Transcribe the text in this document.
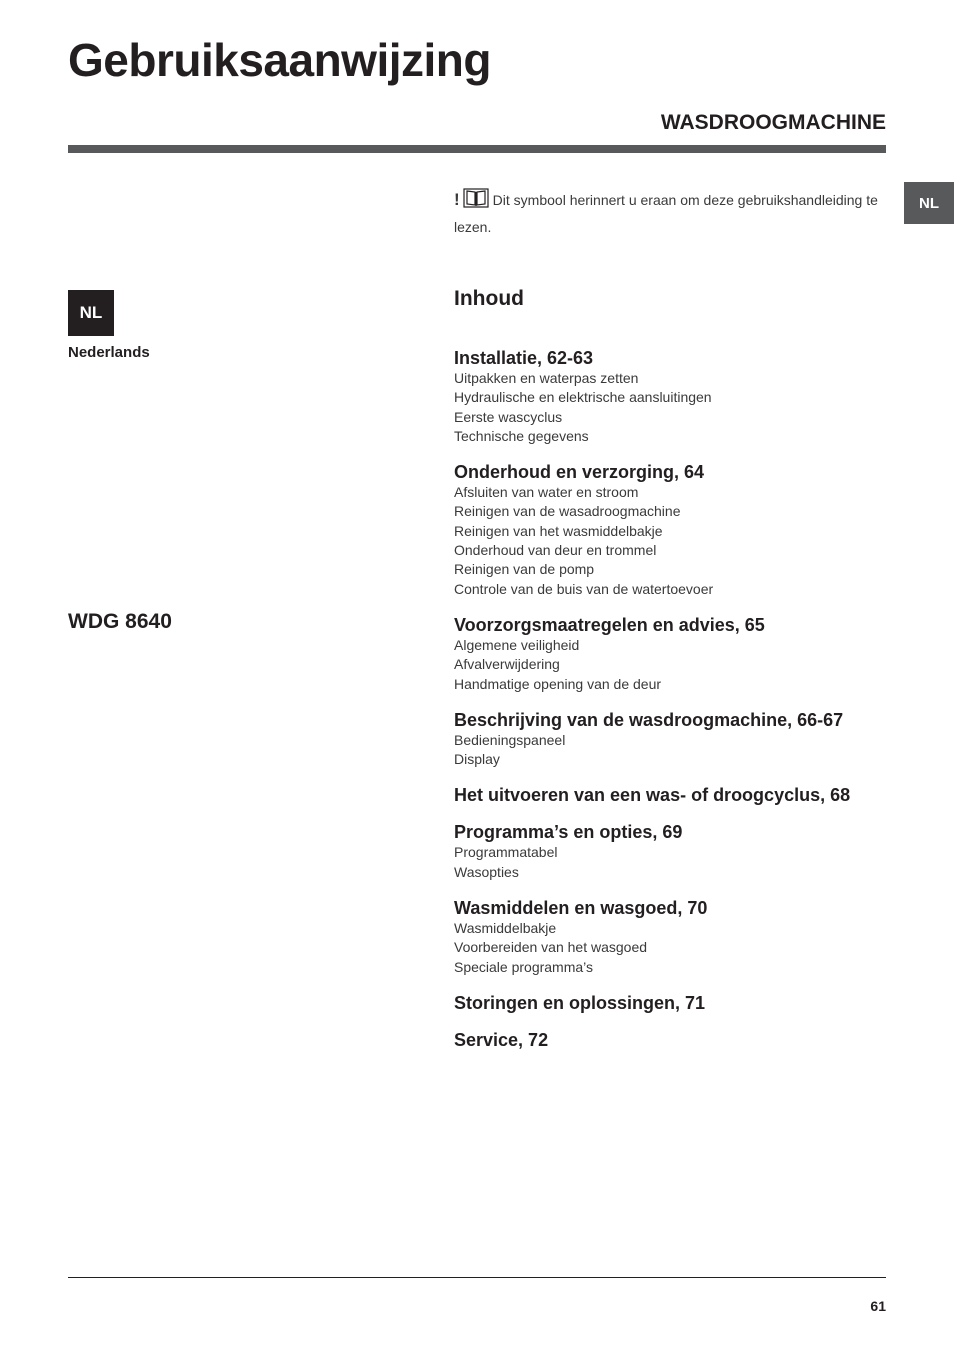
Gebruiksaanwijzing
WASDROOGMACHINE
NL
! Dit symbool herinnert u eraan om deze gebruikshandleiding te lezen.
NL
Nederlands
WDG 8640
Inhoud
Installatie, 62-63
Uitpakken en waterpas zetten
Hydraulische en elektrische aansluitingen
Eerste wascyclus
Technische gegevens
Onderhoud en verzorging, 64
Afsluiten van water en stroom
Reinigen van de wasadroogmachine
Reinigen van het wasmiddelbakje
Onderhoud van deur en trommel
Reinigen van de pomp
Controle van de buis van de watertoevoer
Voorzorgsmaatregelen en advies, 65
Algemene veiligheid
Afvalverwijdering
Handmatige opening van de deur
Beschrijving van de wasdroogmachine, 66-67
Bedieningspaneel
Display
Het uitvoeren van een was- of droogcyclus, 68
Programma’s en opties, 69
Programmatabel
Wasopties
Wasmiddelen en wasgoed, 70
Wasmiddelbakje
Voorbereiden van het wasgoed
Speciale programma’s
Storingen en oplossingen, 71
Service, 72
61
